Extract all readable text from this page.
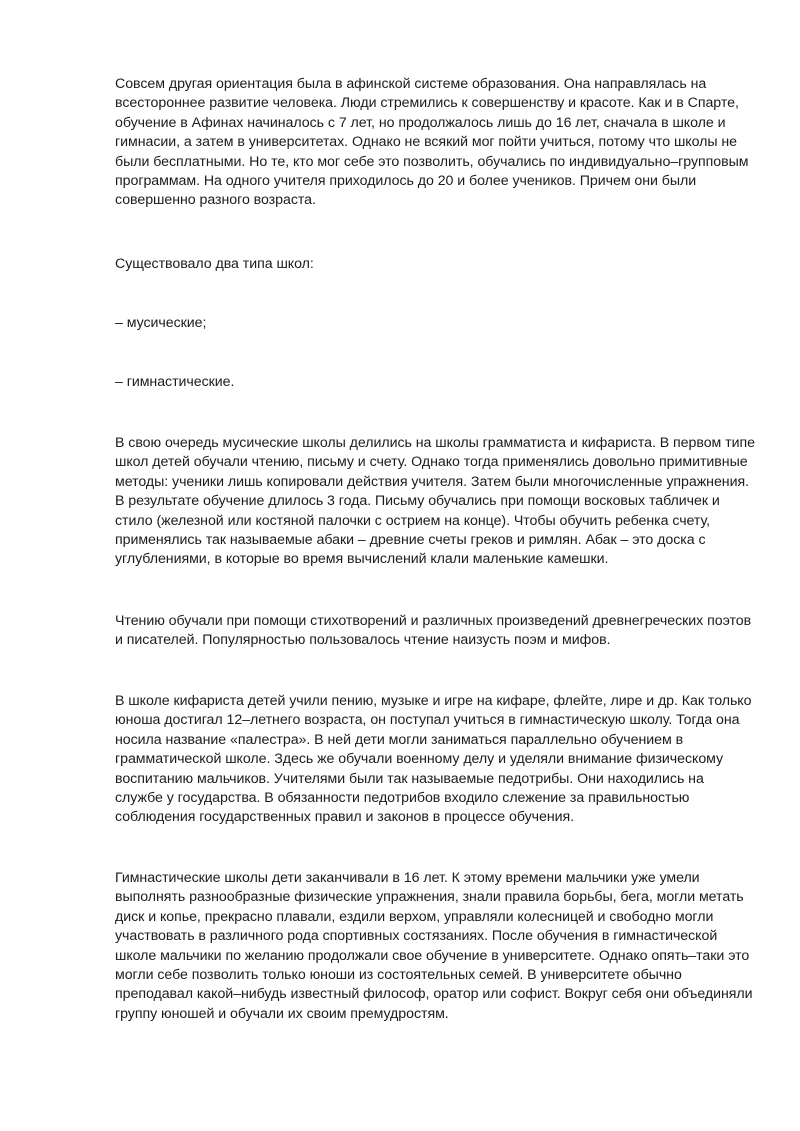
Совсем другая ориентация была в афинской системе образования. Она направлялась на всестороннее развитие человека. Люди стремились к совершенству и красоте. Как и в Спарте, обучение в Афинах начиналось с 7 лет, но продолжалось лишь до 16 лет, сначала в школе и гимнасии, а затем в университетах. Однако не всякий мог пойти учиться, потому что школы не были бесплатными. Но те, кто мог себе это позволить, обучались по индивидуально–групповым программам. На одного учителя приходилось до 20 и более учеников. Причем они были совершенно разного возраста.

Существовало два типа школ:

– мусические;

– гимнастические.

В свою очередь мусические школы делились на школы грамматиста и кифариста. В первом типе школ детей обучали чтению, письму и счету. Однако тогда применялись довольно примитивные методы: ученики лишь копировали действия учителя. Затем были многочисленные упражнения. В результате обучение длилось 3 года. Письму обучались при помощи восковых табличек и стило (железной или костяной палочки с острием на конце). Чтобы обучить ребенка счету, применялись так называемые абаки – древние счеты греков и римлян. Абак – это доска с углублениями, в которые во время вычислений клали маленькие камешки.

Чтению обучали при помощи стихотворений и различных произведений древнегреческих поэтов и писателей. Популярностью пользовалось чтение наизусть поэм и мифов.

В школе кифариста детей учили пению, музыке и игре на кифаре, флейте, лире и др. Как только юноша достигал 12–летнего возраста, он поступал учиться в гимнастическую школу. Тогда она носила название «палестра». В ней дети могли заниматься параллельно обучением в грамматической школе. Здесь же обучали военному делу и уделяли внимание физическому воспитанию мальчиков. Учителями были так называемые педотрибы. Они находились на службе у государства. В обязанности педотрибов входило слежение за правильностью соблюдения государственных правил и законов в процессе обучения.

Гимнастические школы дети заканчивали в 16 лет. К этому времени мальчики уже умели выполнять разнообразные физические упражнения, знали правила борьбы, бега, могли метать диск и копье, прекрасно плавали, ездили верхом, управляли колесницей и свободно могли участвовать в различного рода спортивных состязаниях. После обучения в гимнастической школе мальчики по желанию продолжали свое обучение в университете. Однако опять–таки это могли себе позволить только юноши из состоятельных семей. В университете обычно преподавал какой–нибудь известный философ, оратор или софист. Вокруг себя они объединяли группу юношей и обучали их своим премудростям.
